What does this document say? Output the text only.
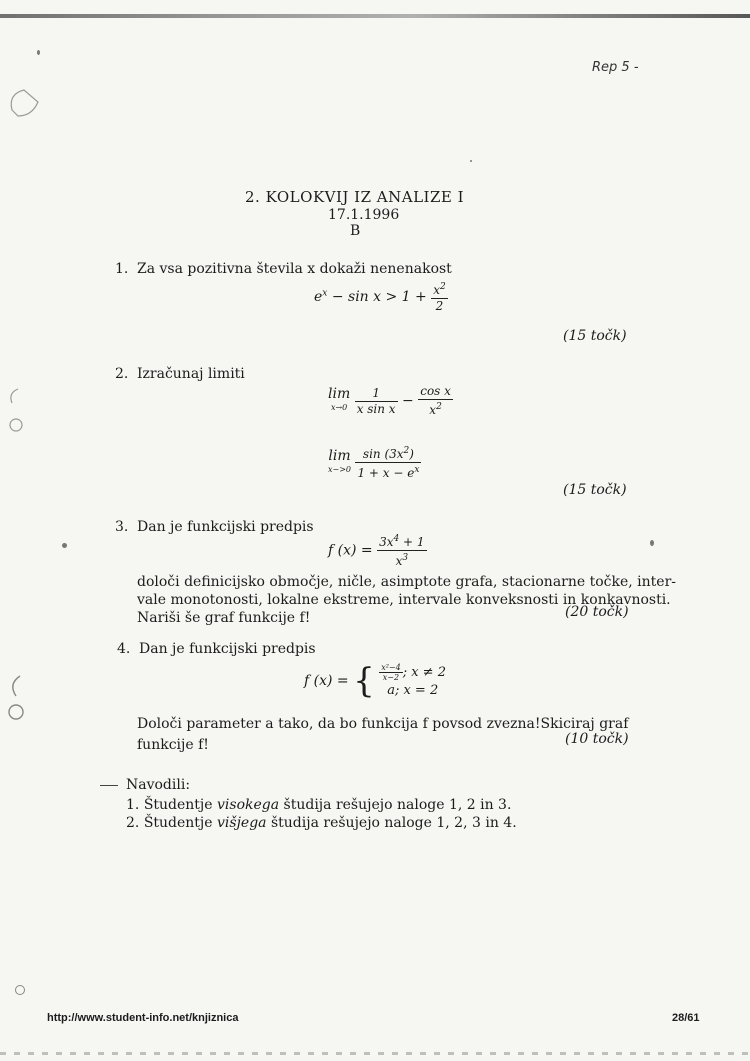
Rep 5 -
2. KOLOKVIJ IZ ANALIZE I
17.1.1996
B
1. Za vsa pozitivna števila x dokaži nenenakost
$e^x - \sin x > 1 + \frac{x^2}{2}$
(15 točk)
2. Izračunaj limiti
lim
x→0
$\frac{1}{\text{x sin x}} - \frac{\text{cos x}}{x^2}$
lim
x−>0
$\frac{\sin (3x^2)}{1 + x - e^x}$
(15 točk)
3. Dan je funkcijski predpis
f $(x) = \frac{3x^4 + 1}{x^3}$
določi definicijsko območje, ničle, asimptote grafa, stacionarne točke, inter-
vale monotonosti, lokalne ekstreme, intervale konveksnosti in konkavnosti.
Nariši še graf funkcije f!	(20 točk)
4. Dan je funkcijski predpis
f (x) = { $\frac{\text{x²−4}}{x-2}$ ; x ≠ 2
a; x = 2
Določi parameter a tako, da bo funkcija f povsod zvezna!Skiciraj graf
funkcije f!	(10 točk)
Navodili:
1. Študentje visokega študija rešujejo naloge 1, 2 in 3.
2. Študentje višjega študija rešujejo naloge 1, 2, 3 in 4.
http://www.student-info.net/knjiznica	28/61
